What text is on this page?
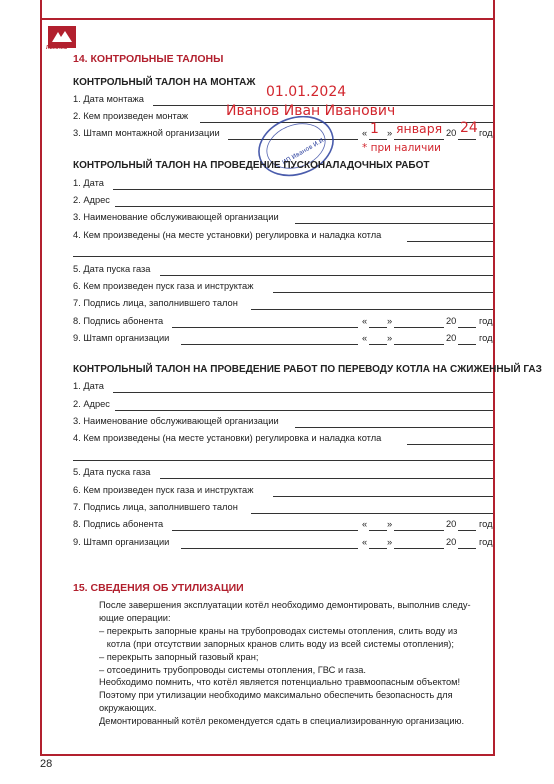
ЛЕМАКС
14. КОНТРОЛЬНЫЕ ТАЛОНЫ
КОНТРОЛЬНЫЙ ТАЛОН НА МОНТАЖ
1. Дата монтажа
2. Кем произведен монтаж
3. Штамп монтажной организации	« »	20 год
ИП Иванов И.И.
01.01.2024
Иванов Иван Иванович
1 января 24
* при наличии
КОНТРОЛЬНЫЙ ТАЛОН НА ПРОВЕДЕНИЕ ПУСКОНАЛАДОЧНЫХ РАБОТ
1. Дата
2. Адрес
3. Наименование обслуживающей организации
4. Кем произведены (на месте установки) регулировка и наладка котла
5. Дата пуска газа
6. Кем произведен пуск газа и инструктаж
7. Подпись лица, заполнившего талон
8. Подпись абонента	« »	20 год
9. Штамп организации	« »	20 год
КОНТРОЛЬНЫЙ ТАЛОН НА ПРОВЕДЕНИЕ РАБОТ ПО ПЕРЕВОДУ КОТЛА НА СЖИЖЕННЫЙ ГАЗ
1. Дата
2. Адрес
3. Наименование обслуживающей организации
4. Кем произведены (на месте установки) регулировка и наладка котла
5. Дата пуска газа
6. Кем произведен пуск газа и инструктаж
7. Подпись лица, заполнившего талон
8. Подпись абонента	« »	20 год
9. Штамп организации	« »	20 год
15. СВЕДЕНИЯ ОБ УТИЛИЗАЦИИ
После завершения эксплуатации котёл необходимо демонтировать, выполнив следу-
ющие операции:
– перекрыть запорные краны на трубопроводах системы отопления, слить воду из
котла (при отсутствии запорных кранов слить воду из всей системы отопления);
– перекрыть запорный газовый кран;
– отсоединить трубопроводы системы отопления, ГВС и газа.
Необходимо помнить, что котёл является потенциально травмоопасным объектом!
Поэтому при утилизации необходимо максимально обеспечить безопасность для
окружающих.
Демонтированный котёл рекомендуется сдать в специализированную организацию.
28
